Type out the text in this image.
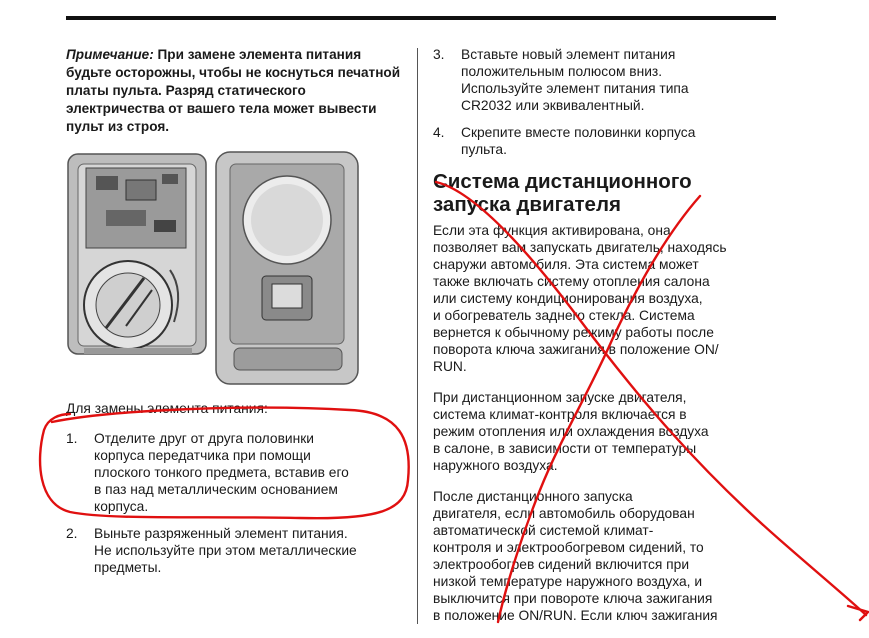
Примечание: При замене элемента питания будьте осторожны, чтобы не коснуться печатной платы пульта. Разряд статического электричества от вашего тела может вывести пульт из строя.

Для замены элемента питания:

1.	Отделите друг от друга половинки
корпуса передатчика при помощи
плоского тонкого предмета, вставив его
в паз над металлическим основанием
корпуса.
2.	Выньте разряженный элемент питания.
Не используйте при этом металлические
предметы.
3.	Вставьте новый элемент питания
положительным полюсом вниз.
Используйте элемент питания типа
CR2032 или эквивалентный.
4.	Скрепите вместе половинки корпуса
пульта.
Система дистанционного
запуска двигателя

Если эта функция активирована, она
позволяет вам запускать двигатель, находясь
снаружи автомобиля. Эта система может
также включать систему отопления салона
или систему кондиционирования воздуха,
и обогреватель заднего стекла. Система
вернется к обычному режиму работы после
поворота ключа зажигания в положение ON/
RUN.

При дистанционном запуске двигателя,
система климат-контроля включается в
режим отопления или охлаждения воздуха
в салоне, в зависимости от температуры
наружного воздуха.

После дистанционного запуска
двигателя, если автомобиль оборудован
автоматической системой климат-
контроля и электрообогревом сидений, то
электрообогрев сидений включится при
низкой температуре наружного воздуха, и
выключится при повороте ключа зажигания
в положение ON/RUN. Если ключ зажигания
